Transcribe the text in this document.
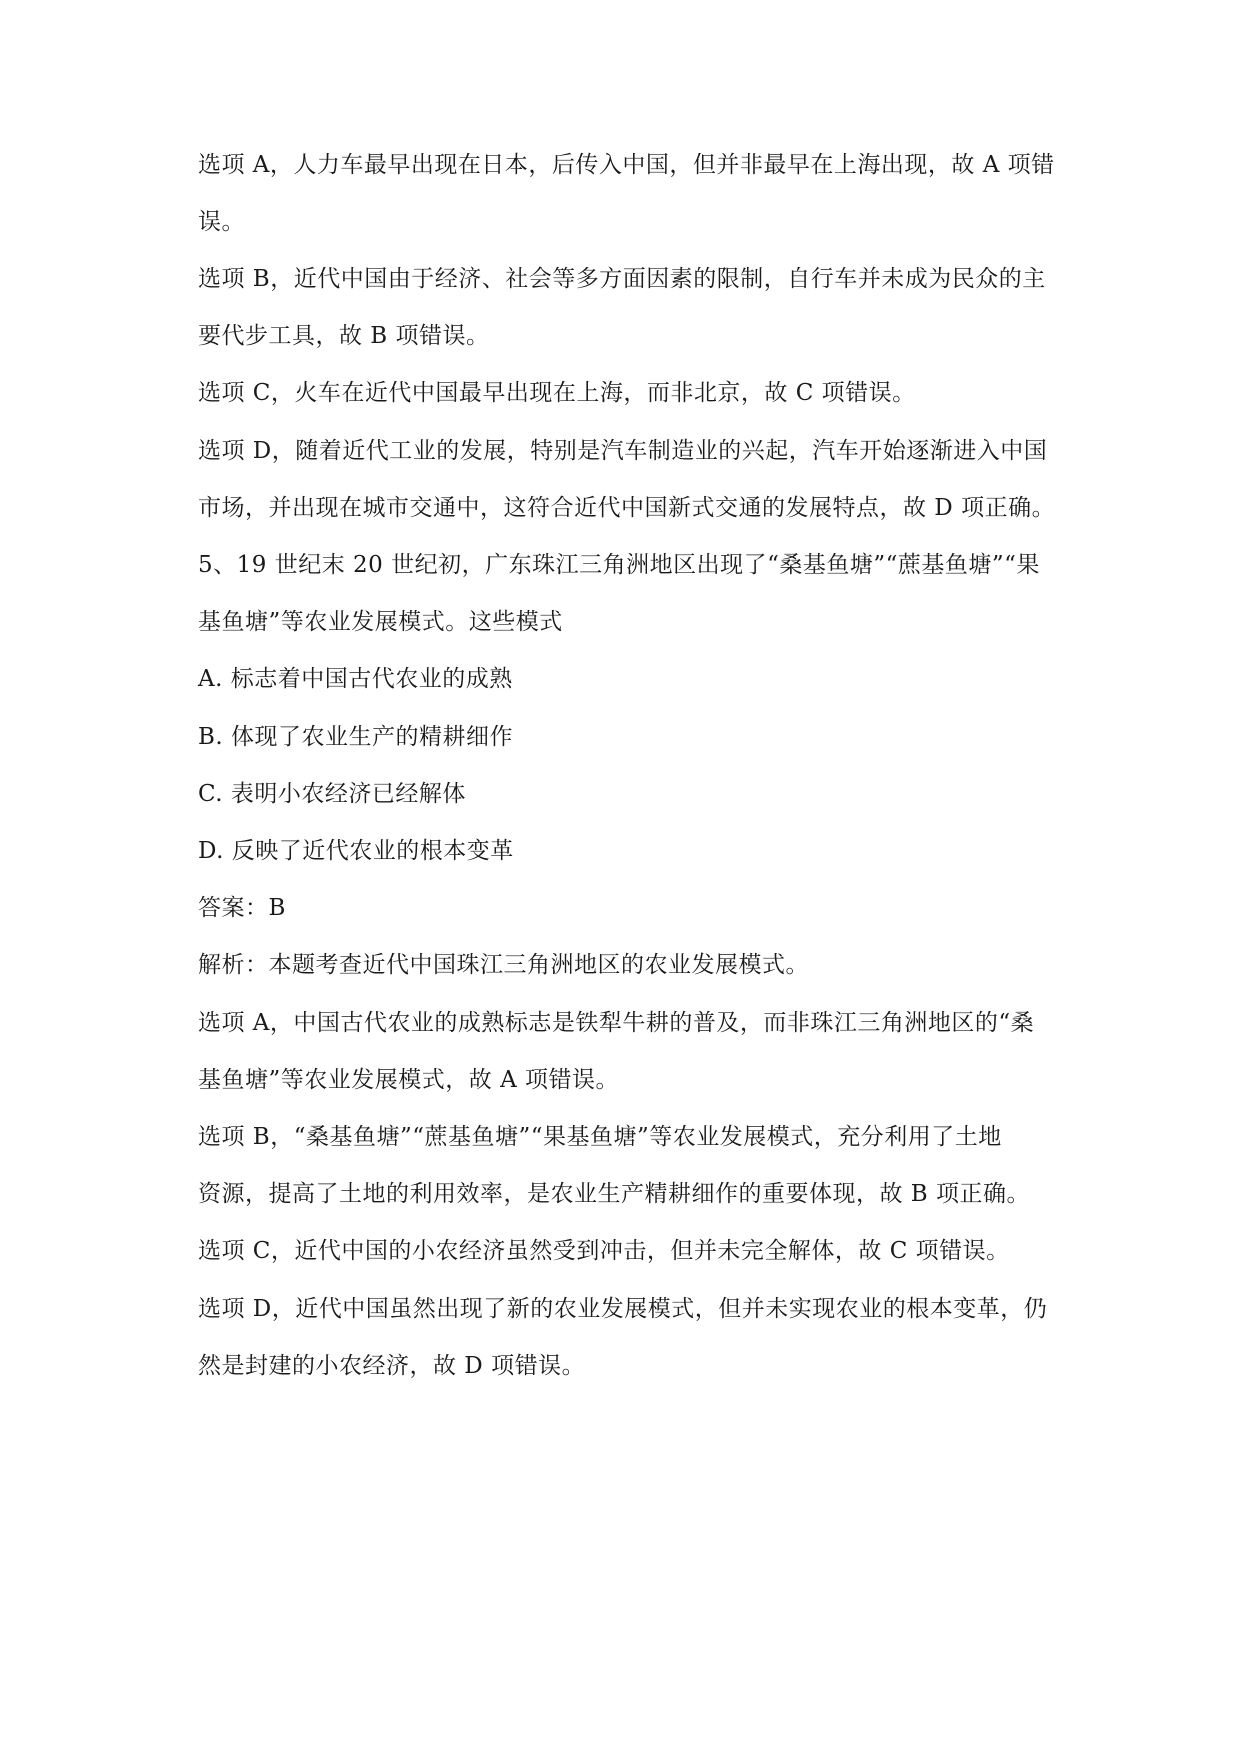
选项 A，人力车最早出现在日本，后传入中国，但并非最早在上海出现，故 A 项错
误。
选项 B，近代中国由于经济、社会等多方面因素的限制，自行车并未成为民众的主
要代步工具，故 B 项错误。
选项 C，火车在近代中国最早出现在上海，而非北京，故 C 项错误。
选项 D，随着近代工业的发展，特别是汽车制造业的兴起，汽车开始逐渐进入中国
市场，并出现在城市交通中，这符合近代中国新式交通的发展特点，故 D 项正确。
5、19 世纪末 20 世纪初，广东珠江三角洲地区出现了“桑基鱼塘”“蔗基鱼塘”“果
基鱼塘”等农业发展模式。这些模式
A. 标志着中国古代农业的成熟
B. 体现了农业生产的精耕细作
C. 表明小农经济已经解体
D. 反映了近代农业的根本变革
答案：B
解析：本题考查近代中国珠江三角洲地区的农业发展模式。
选项 A，中国古代农业的成熟标志是铁犁牛耕的普及，而非珠江三角洲地区的“桑
基鱼塘”等农业发展模式，故 A 项错误。
选项 B，“桑基鱼塘”“蔗基鱼塘”“果基鱼塘”等农业发展模式，充分利用了土地
资源，提高了土地的利用效率，是农业生产精耕细作的重要体现，故 B 项正确。
选项 C，近代中国的小农经济虽然受到冲击，但并未完全解体，故 C 项错误。
选项 D，近代中国虽然出现了新的农业发展模式，但并未实现农业的根本变革，仍
然是封建的小农经济，故 D 项错误。
